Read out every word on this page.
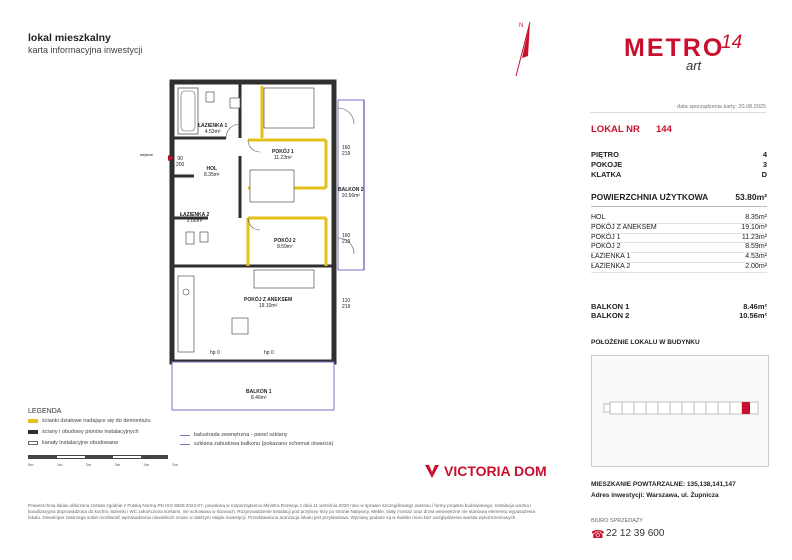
lokal mieszkalny
karta informacyjna inwestycji
N
METRO
14
art
data sporządzenia karty: 20.08.2025
LOKAL NR 144
PIĘTRO	4
POKOJE	3
KLATKA	D
POWIERZCHNIA UŻYTKOWA	53.80m²
HOL	8.35m²
POKÓJ Z ANEKSEM	19.10m²
POKÓJ 1	11.23m²
POKÓJ 2	8.59m²
ŁAZIENKA 1	4.53m²
ŁAZIENKA 2	2.00m²
BALKON 1	8.46m²
BALKON 2	10.56m²
POŁOŻENIE LOKALU W BUDYNKU
MIESZKANIE POWTARZALNE: 135,138,141,147
Adres inwestycji: Warszawa, ul. Żupnicza
BIURO SPRZEDAŻY
☎ 22 12 39 600
ŁAZIENKA 1
4.53m²
POKÓJ 1
11.23m²
HOL
8.35m²
ŁAZIENKA 2
2.00m²
POKÓJ 2
8.59m²
BALKON 2
10.56m²
POKÓJ Z ANEKSEM
19.10m²
BALKON 1
8.46m²
wejście
90
200
160
219
160
219
110
219
hp 0	hp 0
LEGENDA
ścianki działowe nadające się do demontażu
ściany i obudowy pionów instalacyjnych
kanały instalacyjne obudowane
balustrada zewnętrzna - panel szklany
szklana zabudowa balkonu (pokazano schemat otwarcia)
0m	1m	2m	3m	4m	5m	VICTORIA DOM
Powierzchnia lokalu obliczona została zgodnie z Polską Normą PN ISO 9836:2022-07, powołaną w rozporządzeniu Ministra Rozwoju z dnia 11 września 2020 roku w sprawie szczegółowego zakresu i formy projektu budowlanego. Instalacja wodna i kanalizacyjna doprowadzona do kuchni, łazienki i WC zakończona korkami, nie schowana w ścianach. Rozprowadzenie instalacji pod przybory leży po stronie Nabywcy. Meble, biały montaż oraz drzwi wewnętrzne nie stanowią elementu wyposażenia lokalu. Deweloper zastrzega sobie możliwość wprowadzenia niewielkich zmian w dalszym etapie inwestycji. Przedstawiona aranżacja lokalu jest przykładowa. Wymiary podane są w świetle muru bez uwzględnienia warstw wykończeniowych.
